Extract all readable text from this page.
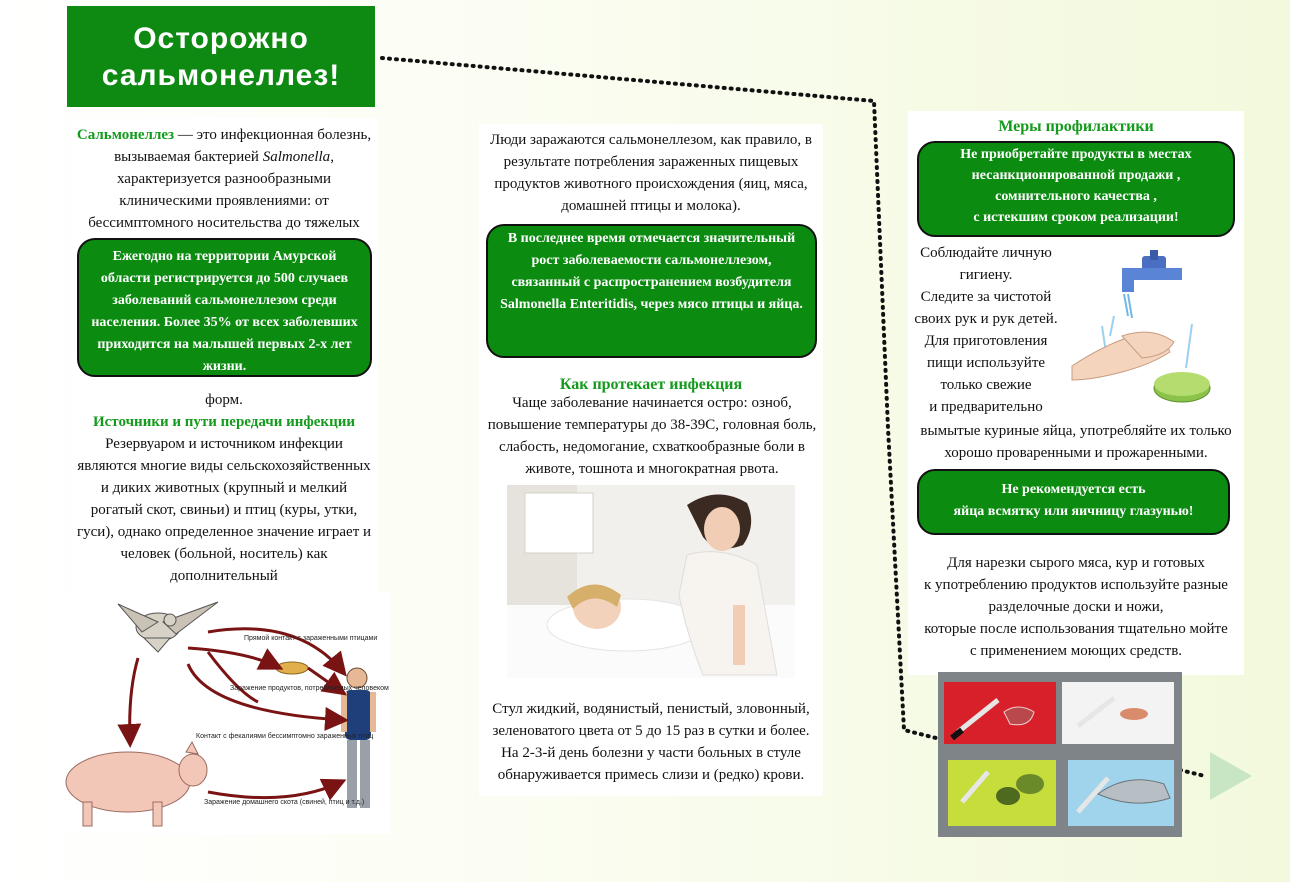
Осторожно
сальмонеллез!
Сальмонеллез — это инфекционная болезнь, вызываемая бактерией Salmonella, характеризуется разнообразными клиническими проявлениями: от бессимптомного носительства до тяжелых
Ежегодно на территории Амурской области регистрируется до 500 случаев заболеваний сальмонеллезом среди населения. Более 35% от всех заболевших приходится на малышей первых 2-х лет жизни.
форм.
Источники и пути передачи инфекции
Резервуаром и источником инфекции являются многие виды сельскохозяйственных и диких животных (крупный и мелкий рогатый скот, свиньи) и птиц (куры, утки, гуси), однако определенное значение играет и человек (больной, носитель) как дополнительный
Прямой контакт с зараженными птицами
Заражение продуктов, потребляемых человеком
Контакт с фекалиями бессимптомно зараженных птиц
Заражение домашнего скота (свиней, птиц и т.д.)
Люди заражаются сальмонеллезом, как правило, в результате потребления зараженных пищевых продуктов животного происхождения (яиц, мяса, домашней птицы и молока).
В последнее время отмечается значительный рост заболеваемости сальмонеллезом, связанный с распространением возбудителя Salmonella Enteritidis, через мясо птицы и яйца.
Как протекает инфекция
Чаще заболевание начинается остро: озноб, повышение температуры до 38-39С, головная боль, слабость, недомогание, схваткообразные боли в животе, тошнота и многократная рвота.
Стул жидкий, водянистый, пенистый, зловонный, зеленоватого цвета от 5 до 15 раз в сутки и более. На 2-3-й день болезни у части больных в стуле обнаруживается примесь слизи и (редко) крови.
Меры профилактики
Не приобретайте продукты в местах
несанкционированной продажи ,
сомнительного качества ,
с истекшим сроком реализации!
Соблюдайте личную
гигиену.
Следите за чистотой
своих рук и рук детей.
Для приготовления
пищи используйте
только свежие
и предварительно
вымытые куриные яйца, употребляйте их только хорошо проваренными и прожаренными.
Не рекомендуется есть
яйца всмятку или яичницу глазунью!
Для нарезки сырого мяса, кур и готовых
к употреблению продуктов используйте разные
разделочные доски и ножи,
которые после использования тщательно мойте
с применением моющих средств.
